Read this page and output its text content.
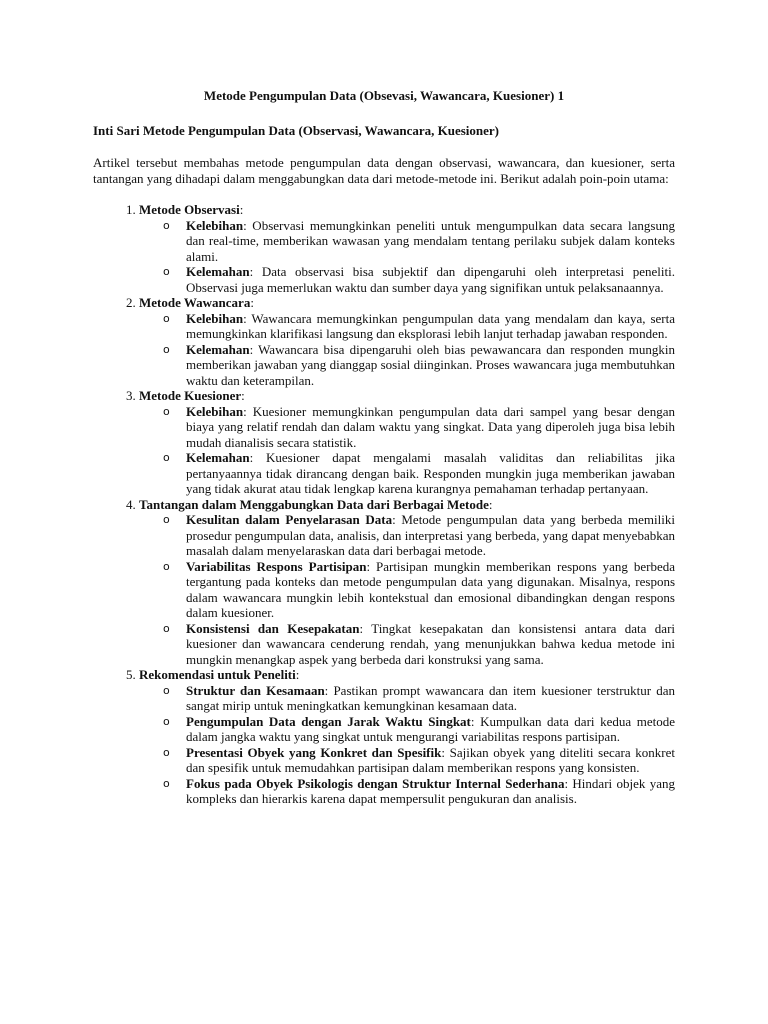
Metode Pengumpulan Data (Obsevasi, Wawancara, Kuesioner) 1
Inti Sari Metode Pengumpulan Data (Observasi, Wawancara, Kuesioner)
Artikel tersebut membahas metode pengumpulan data dengan observasi, wawancara, dan kuesioner, serta tantangan yang dihadapi dalam menggabungkan data dari metode-metode ini. Berikut adalah poin-poin utama:
1. Metode Observasi:
o Kelebihan: Observasi memungkinkan peneliti untuk mengumpulkan data secara langsung dan real-time, memberikan wawasan yang mendalam tentang perilaku subjek dalam konteks alami.
o Kelemahan: Data observasi bisa subjektif dan dipengaruhi oleh interpretasi peneliti. Observasi juga memerlukan waktu dan sumber daya yang signifikan untuk pelaksanaannya.
2. Metode Wawancara:
o Kelebihan: Wawancara memungkinkan pengumpulan data yang mendalam dan kaya, serta memungkinkan klarifikasi langsung dan eksplorasi lebih lanjut terhadap jawaban responden.
o Kelemahan: Wawancara bisa dipengaruhi oleh bias pewawancara dan responden mungkin memberikan jawaban yang dianggap sosial diinginkan. Proses wawancara juga membutuhkan waktu dan keterampilan.
3. Metode Kuesioner:
o Kelebihan: Kuesioner memungkinkan pengumpulan data dari sampel yang besar dengan biaya yang relatif rendah dan dalam waktu yang singkat. Data yang diperoleh juga bisa lebih mudah dianalisis secara statistik.
o Kelemahan: Kuesioner dapat mengalami masalah validitas dan reliabilitas jika pertanyaannya tidak dirancang dengan baik. Responden mungkin juga memberikan jawaban yang tidak akurat atau tidak lengkap karena kurangnya pemahaman terhadap pertanyaan.
4. Tantangan dalam Menggabungkan Data dari Berbagai Metode:
o Kesulitan dalam Penyelarasan Data: Metode pengumpulan data yang berbeda memiliki prosedur pengumpulan data, analisis, dan interpretasi yang berbeda, yang dapat menyebabkan masalah dalam menyelaraskan data dari berbagai metode.
o Variabilitas Respons Partisipan: Partisipan mungkin memberikan respons yang berbeda tergantung pada konteks dan metode pengumpulan data yang digunakan. Misalnya, respons dalam wawancara mungkin lebih kontekstual dan emosional dibandingkan dengan respons dalam kuesioner.
o Konsistensi dan Kesepakatan: Tingkat kesepakatan dan konsistensi antara data dari kuesioner dan wawancara cenderung rendah, yang menunjukkan bahwa kedua metode ini mungkin menangkap aspek yang berbeda dari konstruksi yang sama.
5. Rekomendasi untuk Peneliti:
o Struktur dan Kesamaan: Pastikan prompt wawancara dan item kuesioner terstruktur dan sangat mirip untuk meningkatkan kemungkinan kesamaan data.
o Pengumpulan Data dengan Jarak Waktu Singkat: Kumpulkan data dari kedua metode dalam jangka waktu yang singkat untuk mengurangi variabilitas respons partisipan.
o Presentasi Obyek yang Konkret dan Spesifik: Sajikan obyek yang diteliti secara konkret dan spesifik untuk memudahkan partisipan dalam memberikan respons yang konsisten.
o Fokus pada Obyek Psikologis dengan Struktur Internal Sederhana: Hindari objek yang kompleks dan hierarkis karena dapat mempersulit pengukuran dan analisis.
